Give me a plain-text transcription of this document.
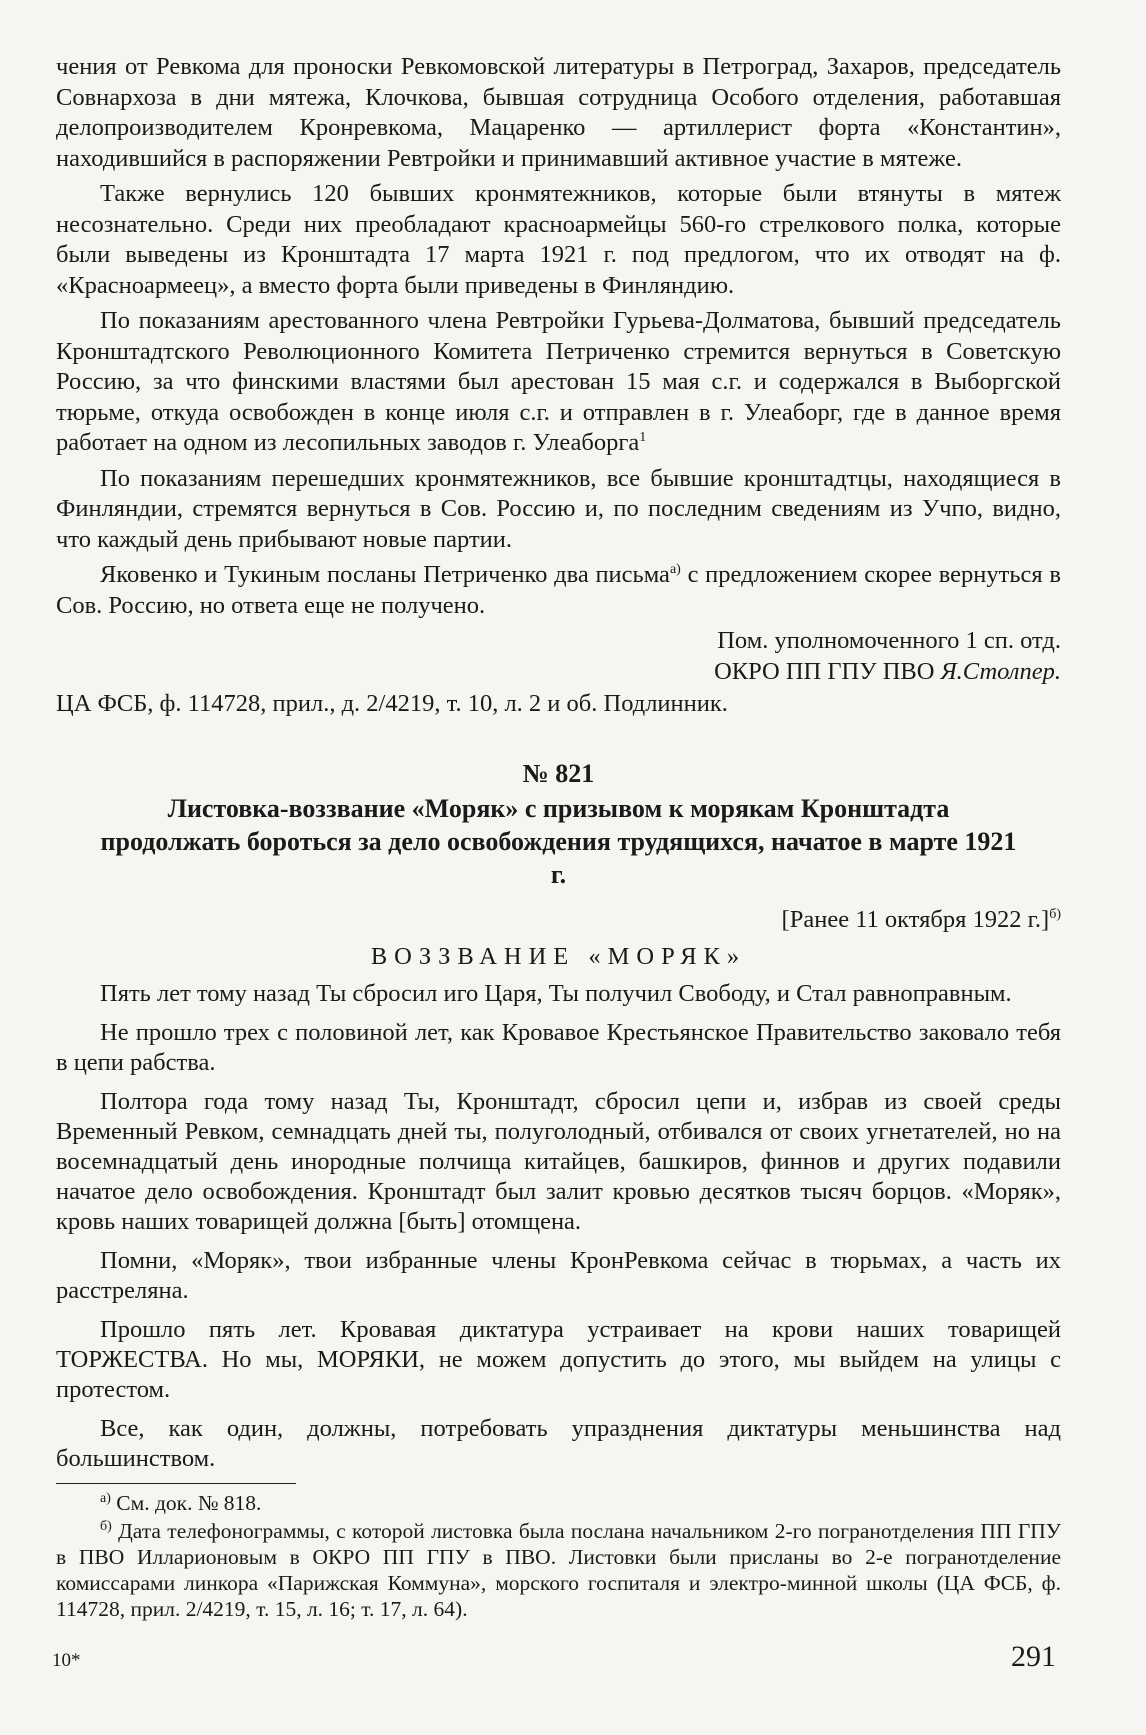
чения от Ревкома для проноски Ревкомовской литературы в Петроград, Захаров, председатель Совнархоза в дни мятежа, Клочкова, бывшая сотрудница Особого отделения, работавшая делопроизводителем Кронревкома, Мацаренко — артиллерист форта «Константин», находившийся в распоряжении Ревтройки и принимавший активное участие в мятеже.

Также вернулись 120 бывших кронмятежников, которые были втянуты в мятеж несознательно. Среди них преобладают красноармейцы 560-го стрелкового полка, которые были выведены из Кронштадта 17 марта 1921 г. под предлогом, что их отводят на ф. «Красноармеец», а вместо форта были приведены в Финляндию.

По показаниям арестованного члена Ревтройки Гурьева-Долматова, бывший председатель Кронштадтского Революционного Комитета Петриченко стремится вернуться в Советскую Россию, за что финскими властями был арестован 15 мая с.г. и содержался в Выборгской тюрьме, откуда освобожден в конце июля с.г. и отправлен в г. Улеаборг, где в данное время работает на одном из лесопильных заводов г. Улеаборга$^1$

По показаниям перешедших кронмятежников, все бывшие кронштадтцы, находящиеся в Финляндии, стремятся вернуться в Сов. Россию и, по последним сведениям из Учпо, видно, что каждый день прибывают новые партии.

Яковенко и Тукиным посланы Петриченко два письма$^{а)}$ с предложением скорее вернуться в Сов. Россию, но ответа еще не получено.

Пом. уполномоченного 1 сп. отд.
ОКРО ПП ГПУ ПВО Я.Столпер.

ЦА ФСБ, ф. 114728, прил., д. 2/4219, т. 10, л. 2 и об. Подлинник.

№ 821
Листовка-воззвание «Моряк» с призывом к морякам Кронштадта продолжать бороться за дело освобождения трудящихся, начатое в марте 1921 г.
[Ранее 11 октября 1922 г.]$^{б)}$
ВОЗЗВАНИЕ «МОРЯК»

Пять лет тому назад Ты сбросил иго Царя, Ты получил Свободу, и Стал равноправным.

Не прошло трех с половиной лет, как Кровавое Крестьянское Правительство заковало тебя в цепи рабства.

Полтора года тому назад Ты, Кронштадт, сбросил цепи и, избрав из своей среды Временный Ревком, семнадцать дней ты, полуголодный, отбивался от своих угнетателей, но на восемнадцатый день инородные полчища китайцев, башкиров, финнов и других подавили начатое дело освобождения. Кронштадт был залит кровью десятков тысяч борцов. «Моряк», кровь наших товарищей должна [быть] отомщена.

Помни, «Моряк», твои избранные члены КронРевкома сейчас в тюрьмах, а часть их расстреляна.

Прошло пять лет. Кровавая диктатура устраивает на крови наших товарищей ТОРЖЕСТВА. Но мы, МОРЯКИ, не можем допустить до этого, мы выйдем на улицы с протестом.

Все, как один, должны, потребовать упразднения диктатуры меньшинства над большинством.

$^{а)}$ См. док. № 818.

$^{б)}$ Дата телефонограммы, с которой листовка была послана начальником 2-го погранотделения ПП ГПУ в ПВО Илларионовым в ОКРО ПП ГПУ в ПВО. Листовки были присланы во 2-е погранотделение комиссарами линкора «Парижская Коммуна», морского госпиталя и электро-минной школы (ЦА ФСБ, ф. 114728, прил. 2/4219, т. 15, л. 16; т. 17, л. 64).

10*	291
